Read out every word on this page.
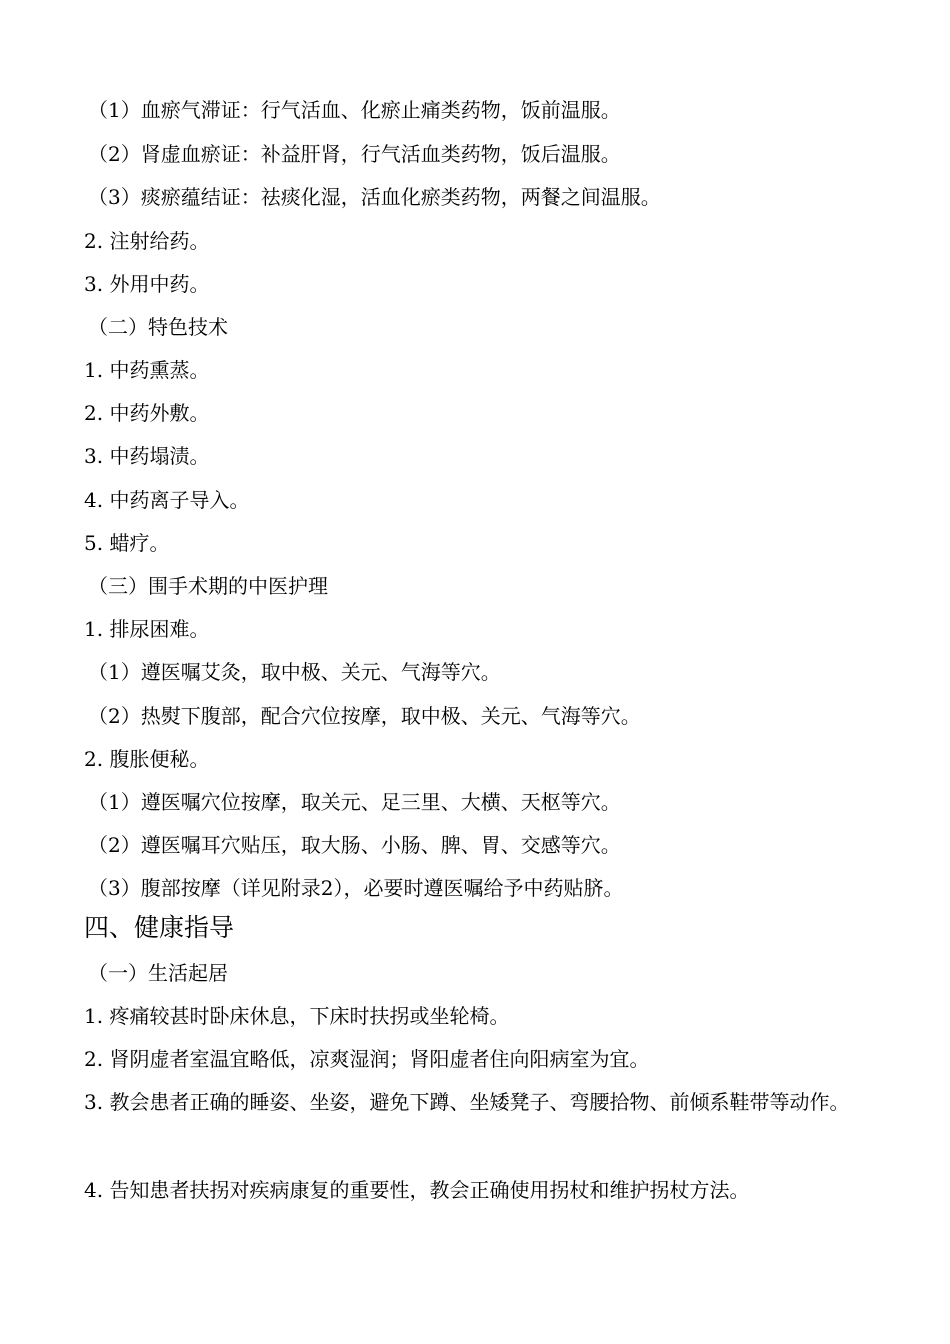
（1）血瘀气滞证：行气活血、化瘀止痛类药物，饭前温服。
（2）肾虚血瘀证：补益肝肾，行气活血类药物，饭后温服。
（3）痰瘀蕴结证：祛痰化湿，活血化瘀类药物，两餐之间温服。
2. 注射给药。
3. 外用中药。
（二）特色技术
1. 中药熏蒸。
2. 中药外敷。
3. 中药塌渍。
4. 中药离子导入。
5. 蜡疗。
（三）围手术期的中医护理
1. 排尿困难。
（1）遵医嘱艾灸，取中极、关元、气海等穴。
（2）热熨下腹部，配合穴位按摩，取中极、关元、气海等穴。
2. 腹胀便秘。
（1）遵医嘱穴位按摩，取关元、足三里、大横、天枢等穴。
（2）遵医嘱耳穴贴压，取大肠、小肠、脾、胃、交感等穴。
（3）腹部按摩（详见附录2），必要时遵医嘱给予中药贴脐。
四、健康指导
（一）生活起居
1. 疼痛较甚时卧床休息，下床时扶拐或坐轮椅。
2. 肾阴虚者室温宜略低，凉爽湿润；肾阳虚者住向阳病室为宜。
3. 教会患者正确的睡姿、坐姿，避免下蹲、坐矮凳子、弯腰拾物、前倾系鞋带等动作。
4. 告知患者扶拐对疾病康复的重要性，教会正确使用拐杖和维护拐杖方法。
